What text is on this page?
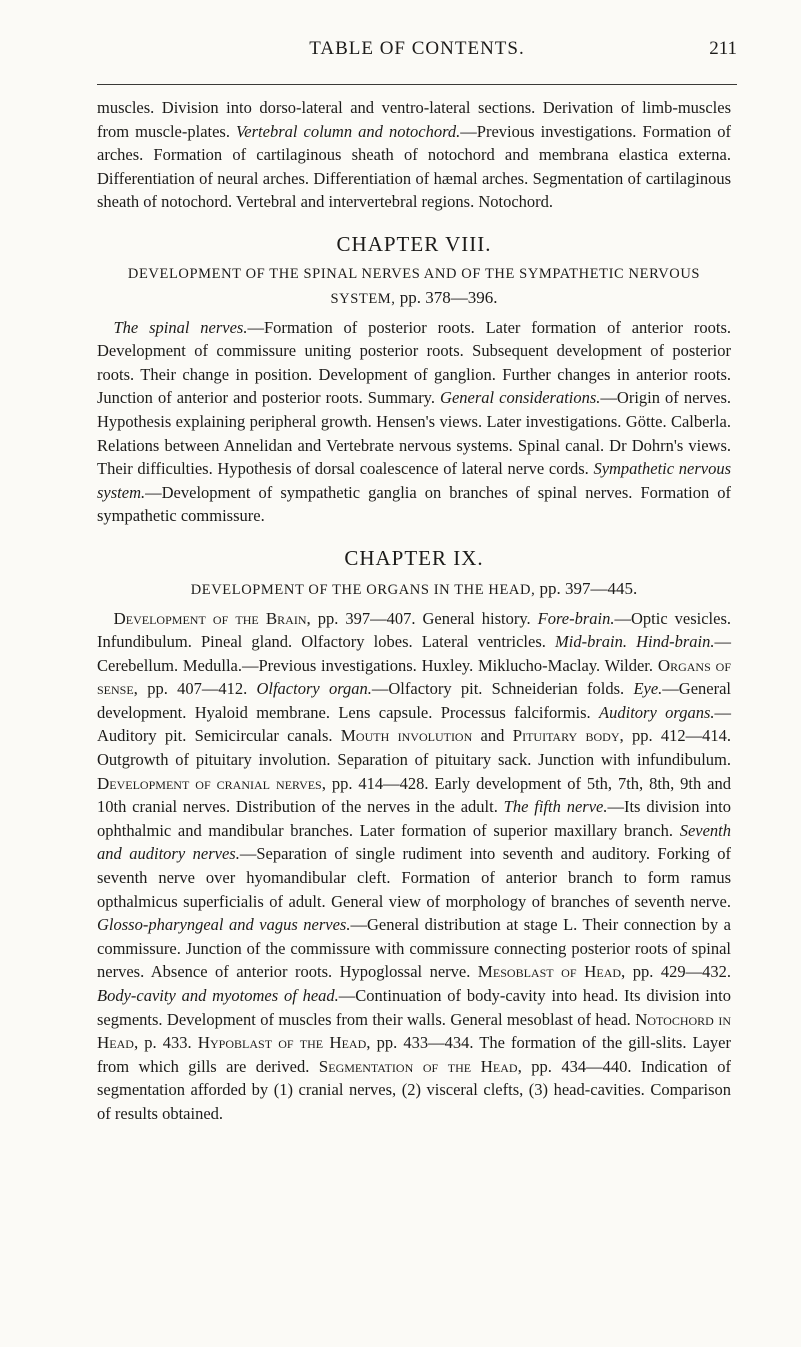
TABLE OF CONTENTS.	211

muscles. Division into dorso-lateral and ventro-lateral sections. Derivation of limb-muscles from muscle-plates. Vertebral column and notochord.—Previous investigations. Formation of arches. Formation of cartilaginous sheath of notochord and membrana elastica externa. Differentiation of neural arches. Differentiation of hæmal arches. Segmentation of cartilaginous sheath of notochord. Vertebral and intervertebral regions. Notochord.

CHAPTER VIII.
DEVELOPMENT OF THE SPINAL NERVES AND OF THE SYMPATHETIC NERVOUS SYSTEM, pp. 378—396.

 The spinal nerves.—Formation of posterior roots. Later formation of anterior roots. Development of commissure uniting posterior roots. Subsequent development of posterior roots. Their change in position. Development of ganglion. Further changes in anterior roots. Junction of anterior and posterior roots. Summary. General considerations.—Origin of nerves. Hypothesis explaining peripheral growth. Hensen's views. Later investigations. Götte. Calberla. Relations between Annelidan and Vertebrate nervous systems. Spinal canal. Dr Dohrn's views. Their difficulties. Hypothesis of dorsal coalescence of lateral nerve cords. Sympathetic nervous system.—Development of sympathetic ganglia on branches of spinal nerves. Formation of sympathetic commissure.

CHAPTER IX.
DEVELOPMENT OF THE ORGANS IN THE HEAD, pp. 397—445.

 Development of the Brain, pp. 397—407. General history. Fore-brain.—Optic vesicles. Infundibulum. Pineal gland. Olfactory lobes. Lateral ventricles. Mid-brain. Hind-brain.—Cerebellum. Medulla.—Previous investigations. Huxley. Miklucho-Maclay. Wilder. Organs of sense, pp. 407—412. Olfactory organ.—Olfactory pit. Schneiderian folds. Eye.—General development. Hyaloid membrane. Lens capsule. Processus falciformis. Auditory organs.—Auditory pit. Semicircular canals. Mouth involution and Pituitary body, pp. 412—414. Outgrowth of pituitary involution. Separation of pituitary sack. Junction with infundibulum. Development of cranial nerves, pp. 414—428. Early development of 5th, 7th, 8th, 9th and 10th cranial nerves. Distribution of the nerves in the adult. The fifth nerve.—Its division into ophthalmic and mandibular branches. Later formation of superior maxillary branch. Seventh and auditory nerves.—Separation of single rudiment into seventh and auditory. Forking of seventh nerve over hyomandibular cleft. Formation of anterior branch to form ramus opthalmicus superficialis of adult. General view of morphology of branches of seventh nerve. Glosso-pharyngeal and vagus nerves.—General distribution at stage L. Their connection by a commissure. Junction of the commissure with commissure connecting posterior roots of spinal nerves. Absence of anterior roots. Hypoglossal nerve. Mesoblast of Head, pp. 429—432. Body-cavity and myotomes of head.—Continuation of body-cavity into head. Its division into segments. Development of muscles from their walls. General mesoblast of head. Notochord in Head, p. 433. Hypoblast of the Head, pp. 433—434. The formation of the gill-slits. Layer from which gills are derived. Segmentation of the Head, pp. 434—440. Indication of segmentation afforded by (1) cranial nerves, (2) visceral clefts, (3) head-cavities. Comparison of results obtained.
